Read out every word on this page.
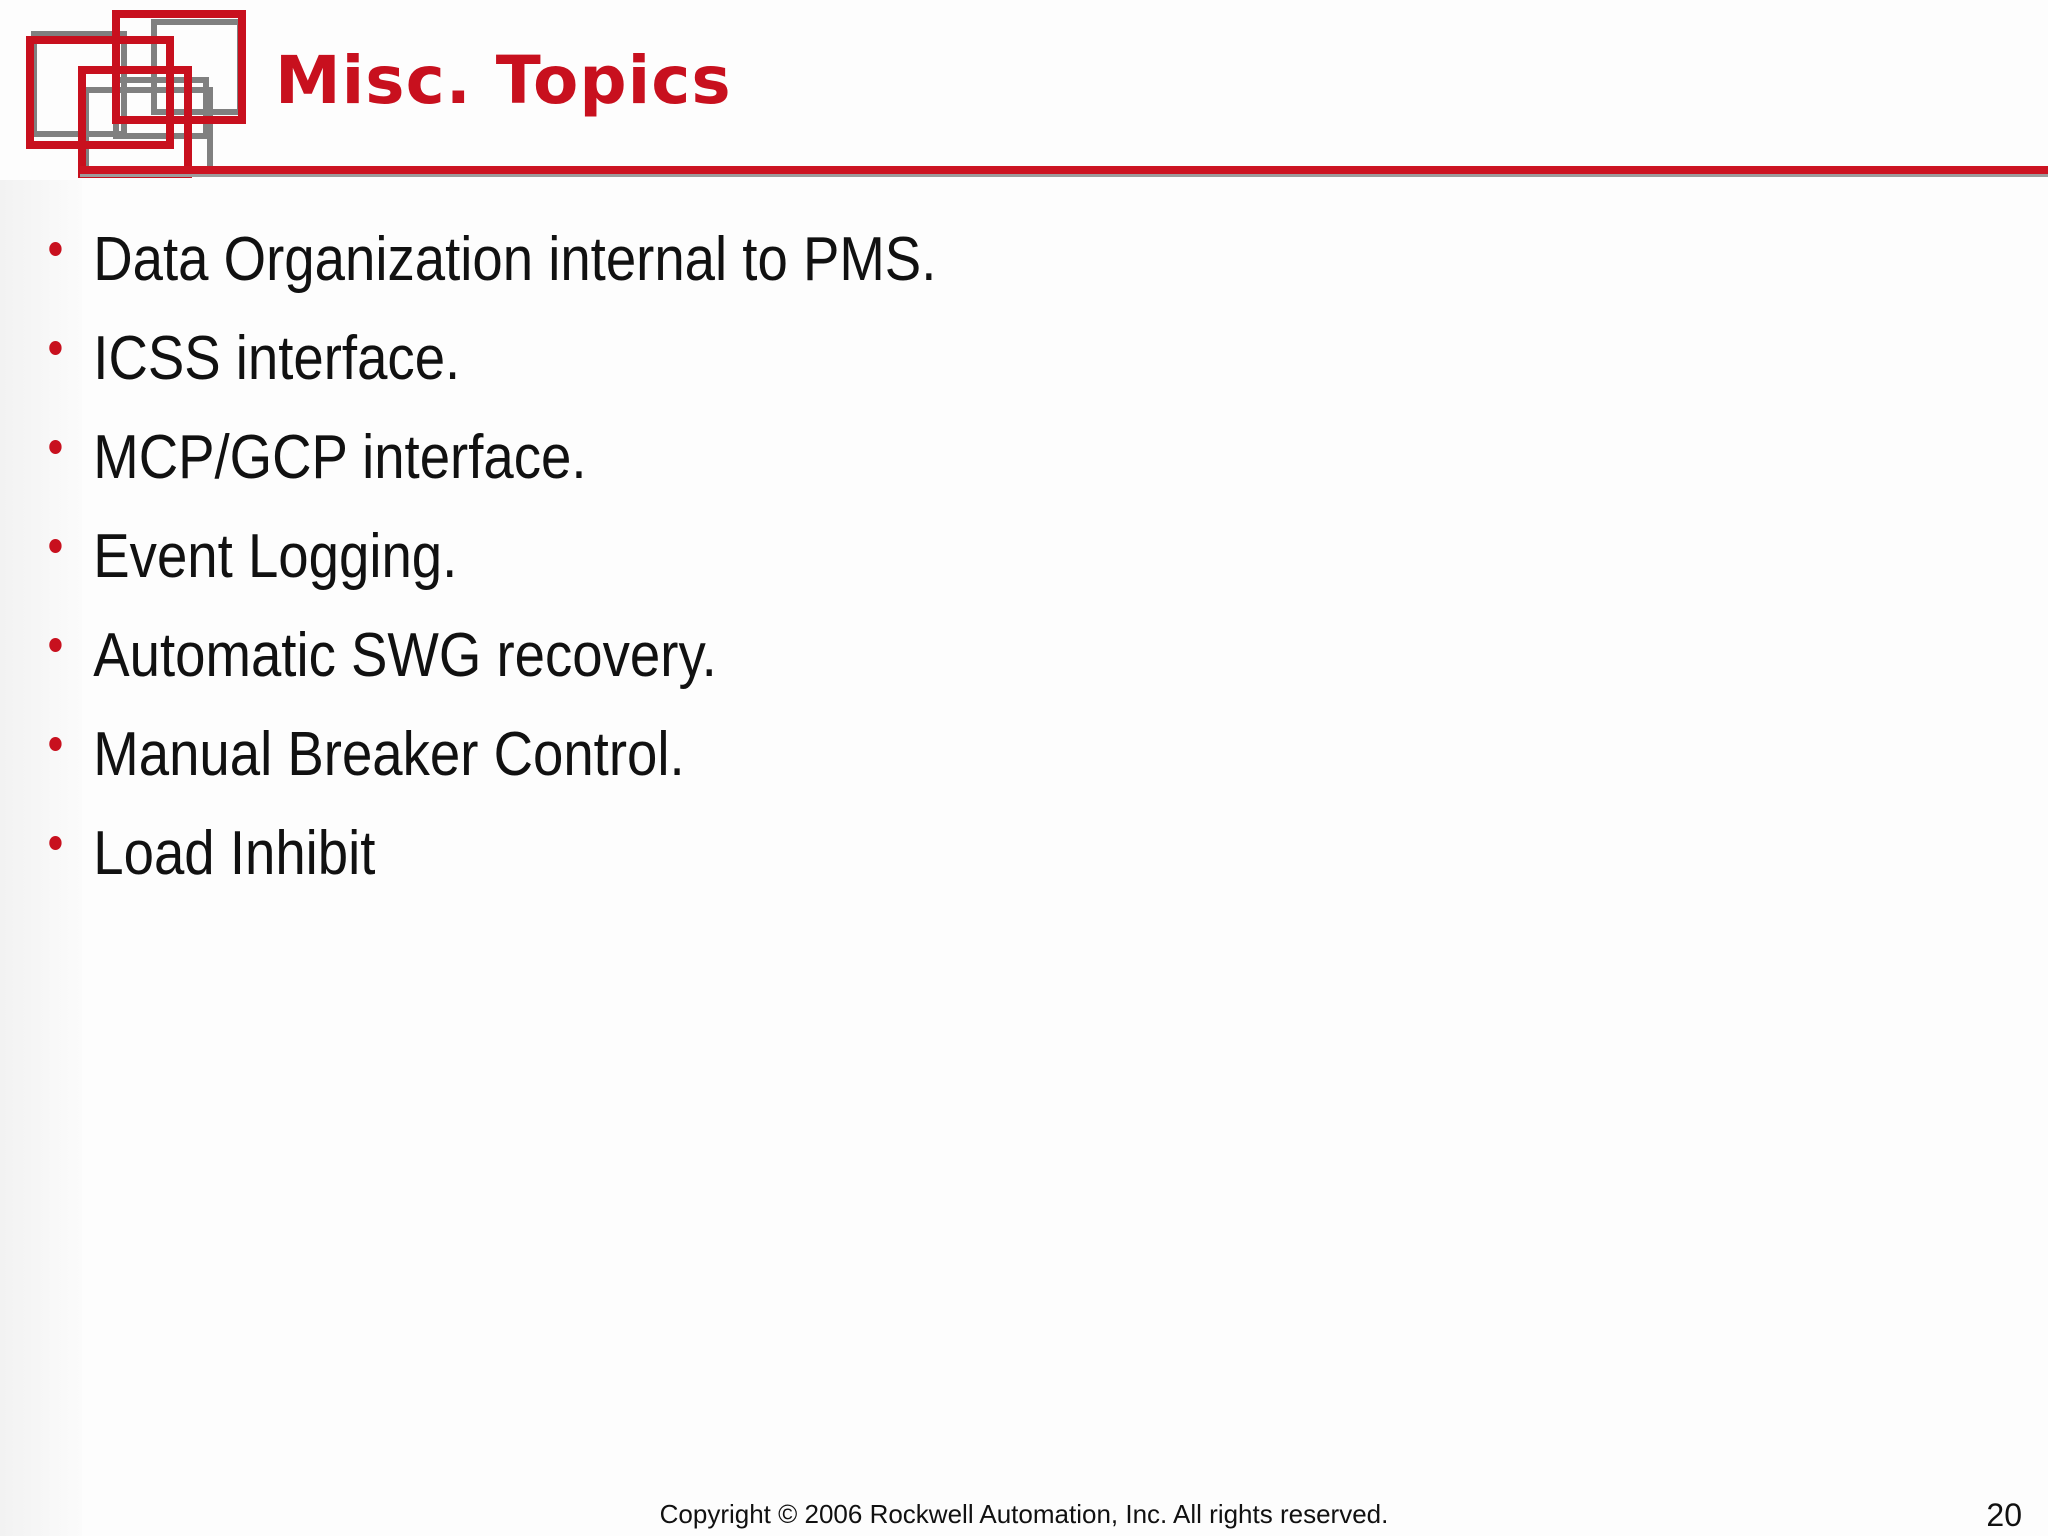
Misc. Topics
Data Organization internal to PMS.
ICSS interface.
MCP/GCP interface.
Event Logging.
Automatic SWG recovery.
Manual Breaker Control.
Load Inhibit
Copyright © 2006 Rockwell Automation, Inc. All rights reserved.	20
